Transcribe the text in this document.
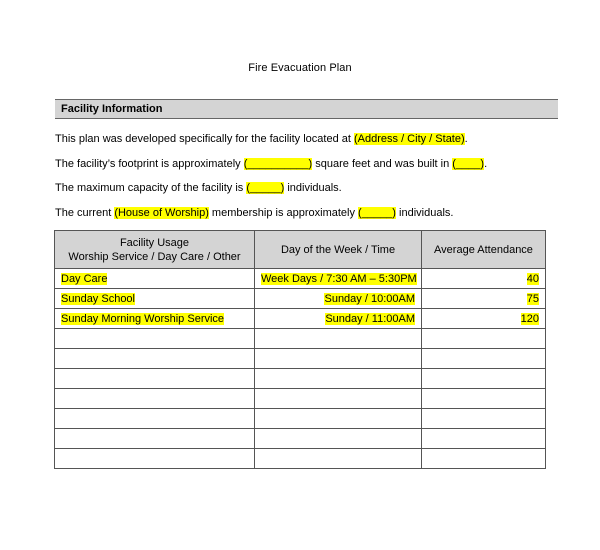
Fire Evacuation Plan
Facility Information
This plan was developed specifically for the facility located at (Address / City / State).
The facility’s footprint is approximately (__________) square feet and was built in (____).
The maximum capacity of the facility is (_____) individuals.
The current (House of Worship) membership is approximately (_____) individuals.
Facility Usage
Worship Service / Day Care / Other	Day of the Week / Time	Average Attendance
Day Care	Week Days / 7:30 AM – 5:30PM	40
Sunday School	Sunday / 10:00AM	75
Sunday Morning Worship Service	Sunday / 11:00AM	120
